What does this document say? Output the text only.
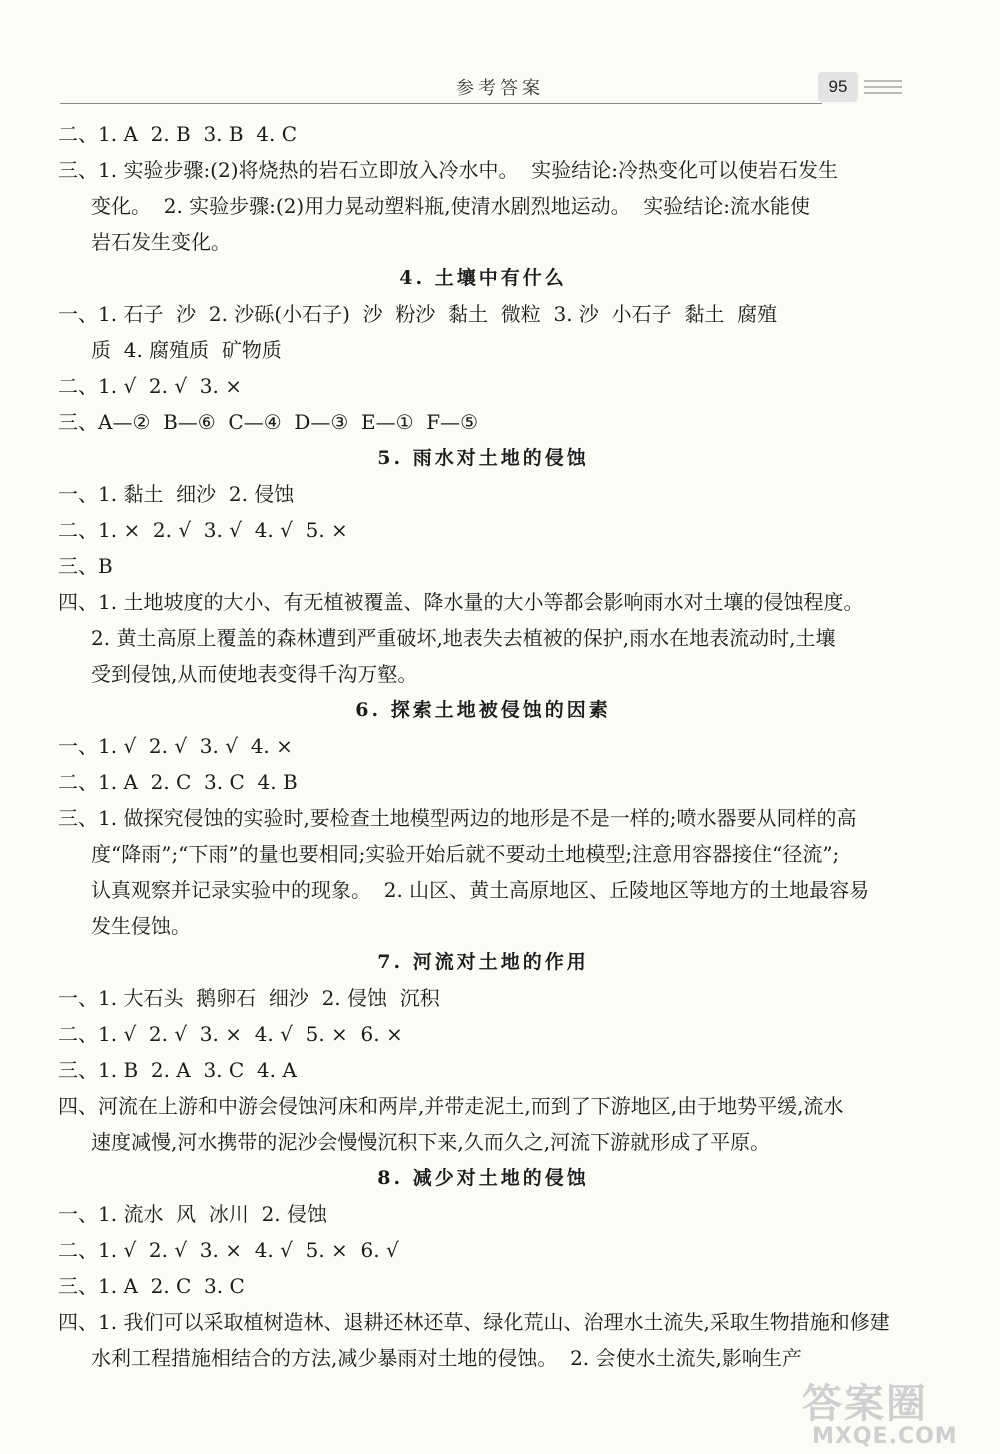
参考答案	95
二、1. A  2. B  3. B  4. C
三、1. 实验步骤:(2)将烧热的岩石立即放入冷水中。  实验结论:冷热变化可以使岩石发生
变化。  2. 实验步骤:(2)用力晃动塑料瓶,使清水剧烈地运动。  实验结论:流水能使
岩石发生变化。
4. 土壤中有什么
一、1. 石子  沙  2. 沙砾(小石子)  沙  粉沙  黏土  微粒  3. 沙  小石子  黏土  腐殖
质  4. 腐殖质  矿物质
二、1. √  2. √  3. ×
三、A—②  B—⑥  C—④  D—③  E—①  F—⑤
5. 雨水对土地的侵蚀
一、1. 黏土  细沙  2. 侵蚀
二、1. ×  2. √  3. √  4. √  5. ×
三、B
四、1. 土地坡度的大小、有无植被覆盖、降水量的大小等都会影响雨水对土壤的侵蚀程度。
2. 黄土高原上覆盖的森林遭到严重破坏,地表失去植被的保护,雨水在地表流动时,土壤
受到侵蚀,从而使地表变得千沟万壑。
6. 探索土地被侵蚀的因素
一、1. √  2. √  3. √  4. ×
二、1. A  2. C  3. C  4. B
三、1. 做探究侵蚀的实验时,要检查土地模型两边的地形是不是一样的;喷水器要从同样的高
度“降雨”;“下雨”的量也要相同;实验开始后就不要动土地模型;注意用容器接住“径流”;
认真观察并记录实验中的现象。  2. 山区、黄土高原地区、丘陵地区等地方的土地最容易
发生侵蚀。
7. 河流对土地的作用
一、1. 大石头  鹅卵石  细沙  2. 侵蚀  沉积
二、1. √  2. √  3. ×  4. √  5. ×  6. ×
三、1. B  2. A  3. C  4. A
四、河流在上游和中游会侵蚀河床和两岸,并带走泥土,而到了下游地区,由于地势平缓,流水
速度减慢,河水携带的泥沙会慢慢沉积下来,久而久之,河流下游就形成了平原。
8. 减少对土地的侵蚀
一、1. 流水  风  冰川  2. 侵蚀
二、1. √  2. √  3. ×  4. √  5. ×  6. √
三、1. A  2. C  3. C
四、1. 我们可以采取植树造林、退耕还林还草、绿化荒山、治理水土流失,采取生物措施和修建
水利工程措施相结合的方法,减少暴雨对土地的侵蚀。  2. 会使水土流失,影响生产
答案圈
MXQE.COM
